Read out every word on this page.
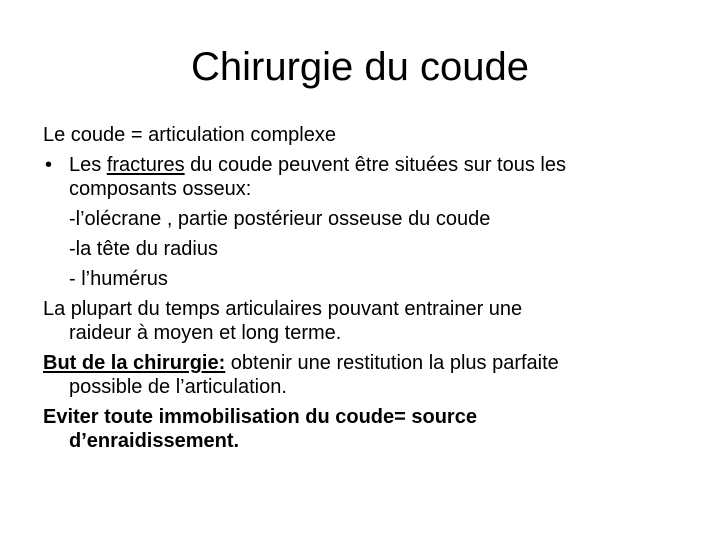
Chirurgie du coude
Le coude = articulation complexe
• Les fractures du coude peuvent être situées sur tous les
composants osseux:
-l’olécrane , partie postérieur osseuse du coude
-la tête du radius
- l’humérus
La plupart du temps articulaires pouvant entrainer une
raideur à moyen et long terme.
But de la chirurgie: obtenir une restitution la plus parfaite
possible de l’articulation.
Eviter toute immobilisation du coude= source
d’enraidissement.
